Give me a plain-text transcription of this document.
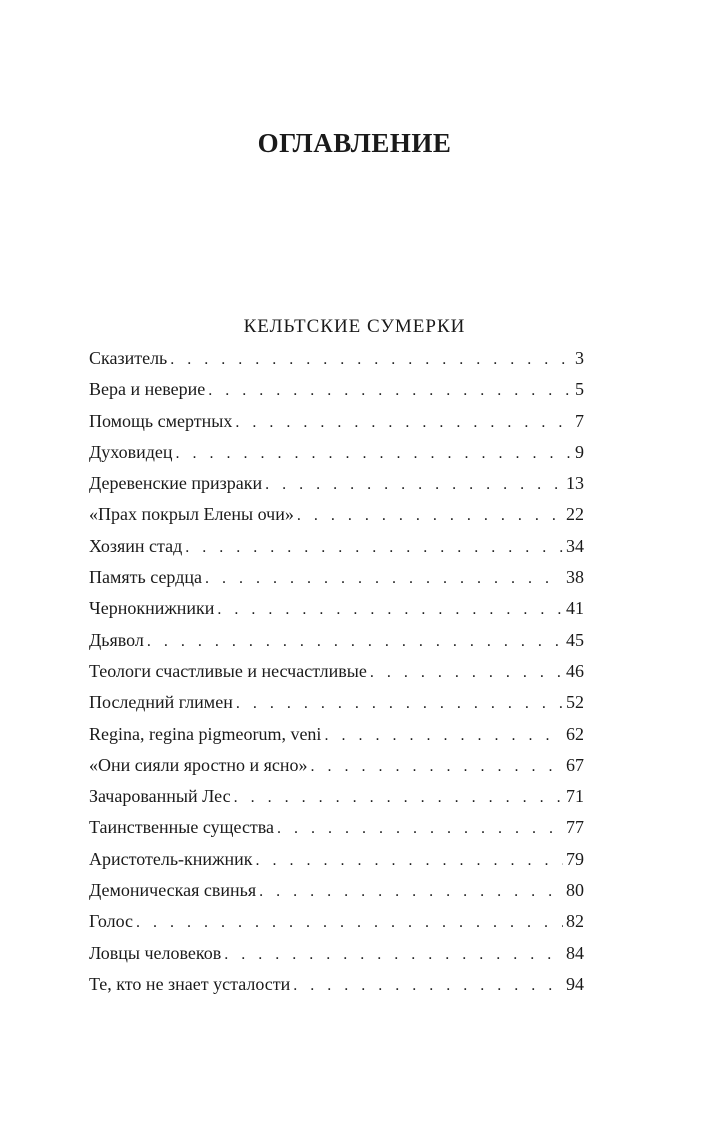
ОГЛАВЛЕНИЕ
КЕЛЬТСКИЕ СУМЕРКИ
Сказитель . . .	3
Вера и неверие . . .	5
Помощь смертных . . .	7
Духовидец . . .	9
Деревенские призраки . . .	13
«Прах покрыл Елены очи» . . .	22
Хозяин стад . . .	34
Память сердца . . .	38
Чернокнижники . . .	41
Дьявол . . .	45
Теологи счастливые и несчастливые . . .	46
Последний глимен . . .	52
Regina, regina pigmeorum, veni . . .	62
«Они сияли яростно и ясно» . . .	67
Зачарованный Лес . . .	71
Таинственные существа . . .	77
Аристотель-книжник . . .	79
Демоническая свинья . . .	80
Голос . . .	82
Ловцы человеков . . .	84
Те, кто не знает усталости . . .	94
